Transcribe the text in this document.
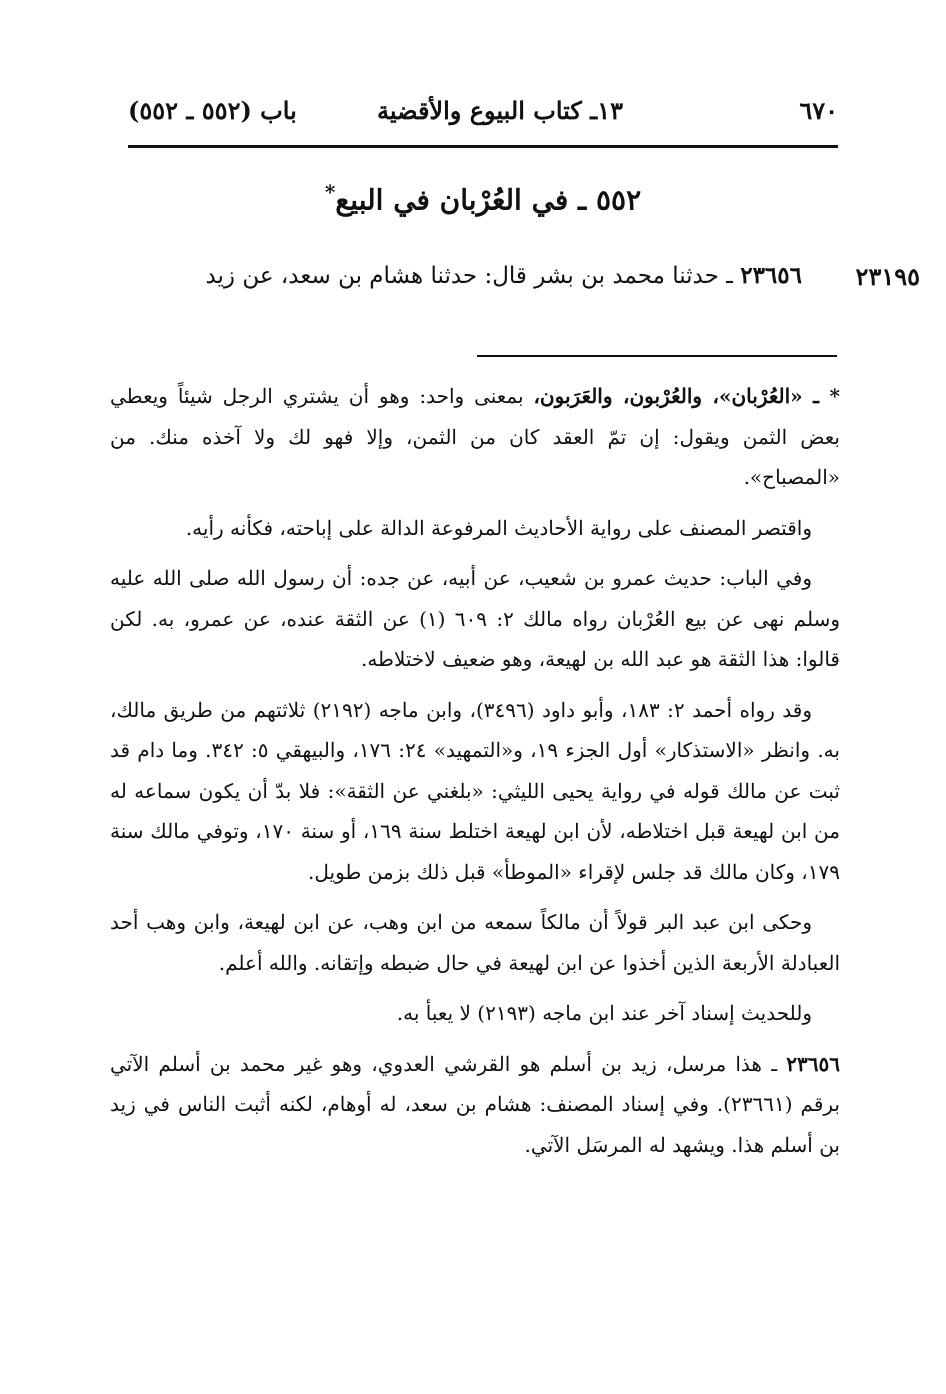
٦٧٠
١٣ـ كتاب البيوع والأقضية
باب (٥٥٢ ـ ٥٥٢)
٥٥٢ ـ في العُرْبان في البيع*
٢٣١٩٥
٢٣٦٥٦ ـ حدثنا محمد بن بشر قال: حدثنا هشام بن سعد، عن زيد

* ـ «العُرْبان»، والعُرْبون، والعَرَبون، بمعنى واحد: وهو أن يشتري الرجل شيئاً ويعطي بعض الثمن ويقول: إن تمّ العقد كان من الثمن، وإلا فهو لك ولا آخذه منك. من «المصباح».

واقتصر المصنف على رواية الأحاديث المرفوعة الدالة على إباحته، فكأنه رأيه.

وفي الباب: حديث عمرو بن شعيب، عن أبيه، عن جده: أن رسول الله صلى الله عليه وسلم نهى عن بيع العُرْبان رواه مالك ٢: ٦٠٩ (١) عن الثقة عنده، عن عمرو، به. لكن قالوا: هذا الثقة هو عبد الله بن لهيعة، وهو ضعيف لاختلاطه.

وقد رواه أحمد ٢: ١٨٣، وأبو داود (٣٤٩٦)، وابن ماجه (٢١٩٢) ثلاثتهم من طريق مالك، به. وانظر «الاستذكار» أول الجزء ١٩، و«التمهيد» ٢٤: ١٧٦، والبيهقي ٥: ٣٤٢. وما دام قد ثبت عن مالك قوله في رواية يحيى الليثي: «بلغني عن الثقة»: فلا بدّ أن يكون سماعه له من ابن لهيعة قبل اختلاطه، لأن ابن لهيعة اختلط سنة ١٦٩، أو سنة ١٧٠، وتوفي مالك سنة ١٧٩، وكان مالك قد جلس لإقراء «الموطأ» قبل ذلك بزمن طويل.

وحكى ابن عبد البر قولاً أن مالكاً سمعه من ابن وهب، عن ابن لهيعة، وابن وهب أحد العبادلة الأربعة الذين أخذوا عن ابن لهيعة في حال ضبطه وإتقانه. والله أعلم.

وللحديث إسناد آخر عند ابن ماجه (٢١٩٣) لا يعبأ به.

٢٣٦٥٦ ـ هذا مرسل، زيد بن أسلم هو القرشي العدوي، وهو غير محمد بن أسلم الآتي برقم (٢٣٦٦١). وفي إسناد المصنف: هشام بن سعد، له أوهام، لكنه أثبت الناس في زيد بن أسلم هذا. ويشهد له المرسَل الآتي.
